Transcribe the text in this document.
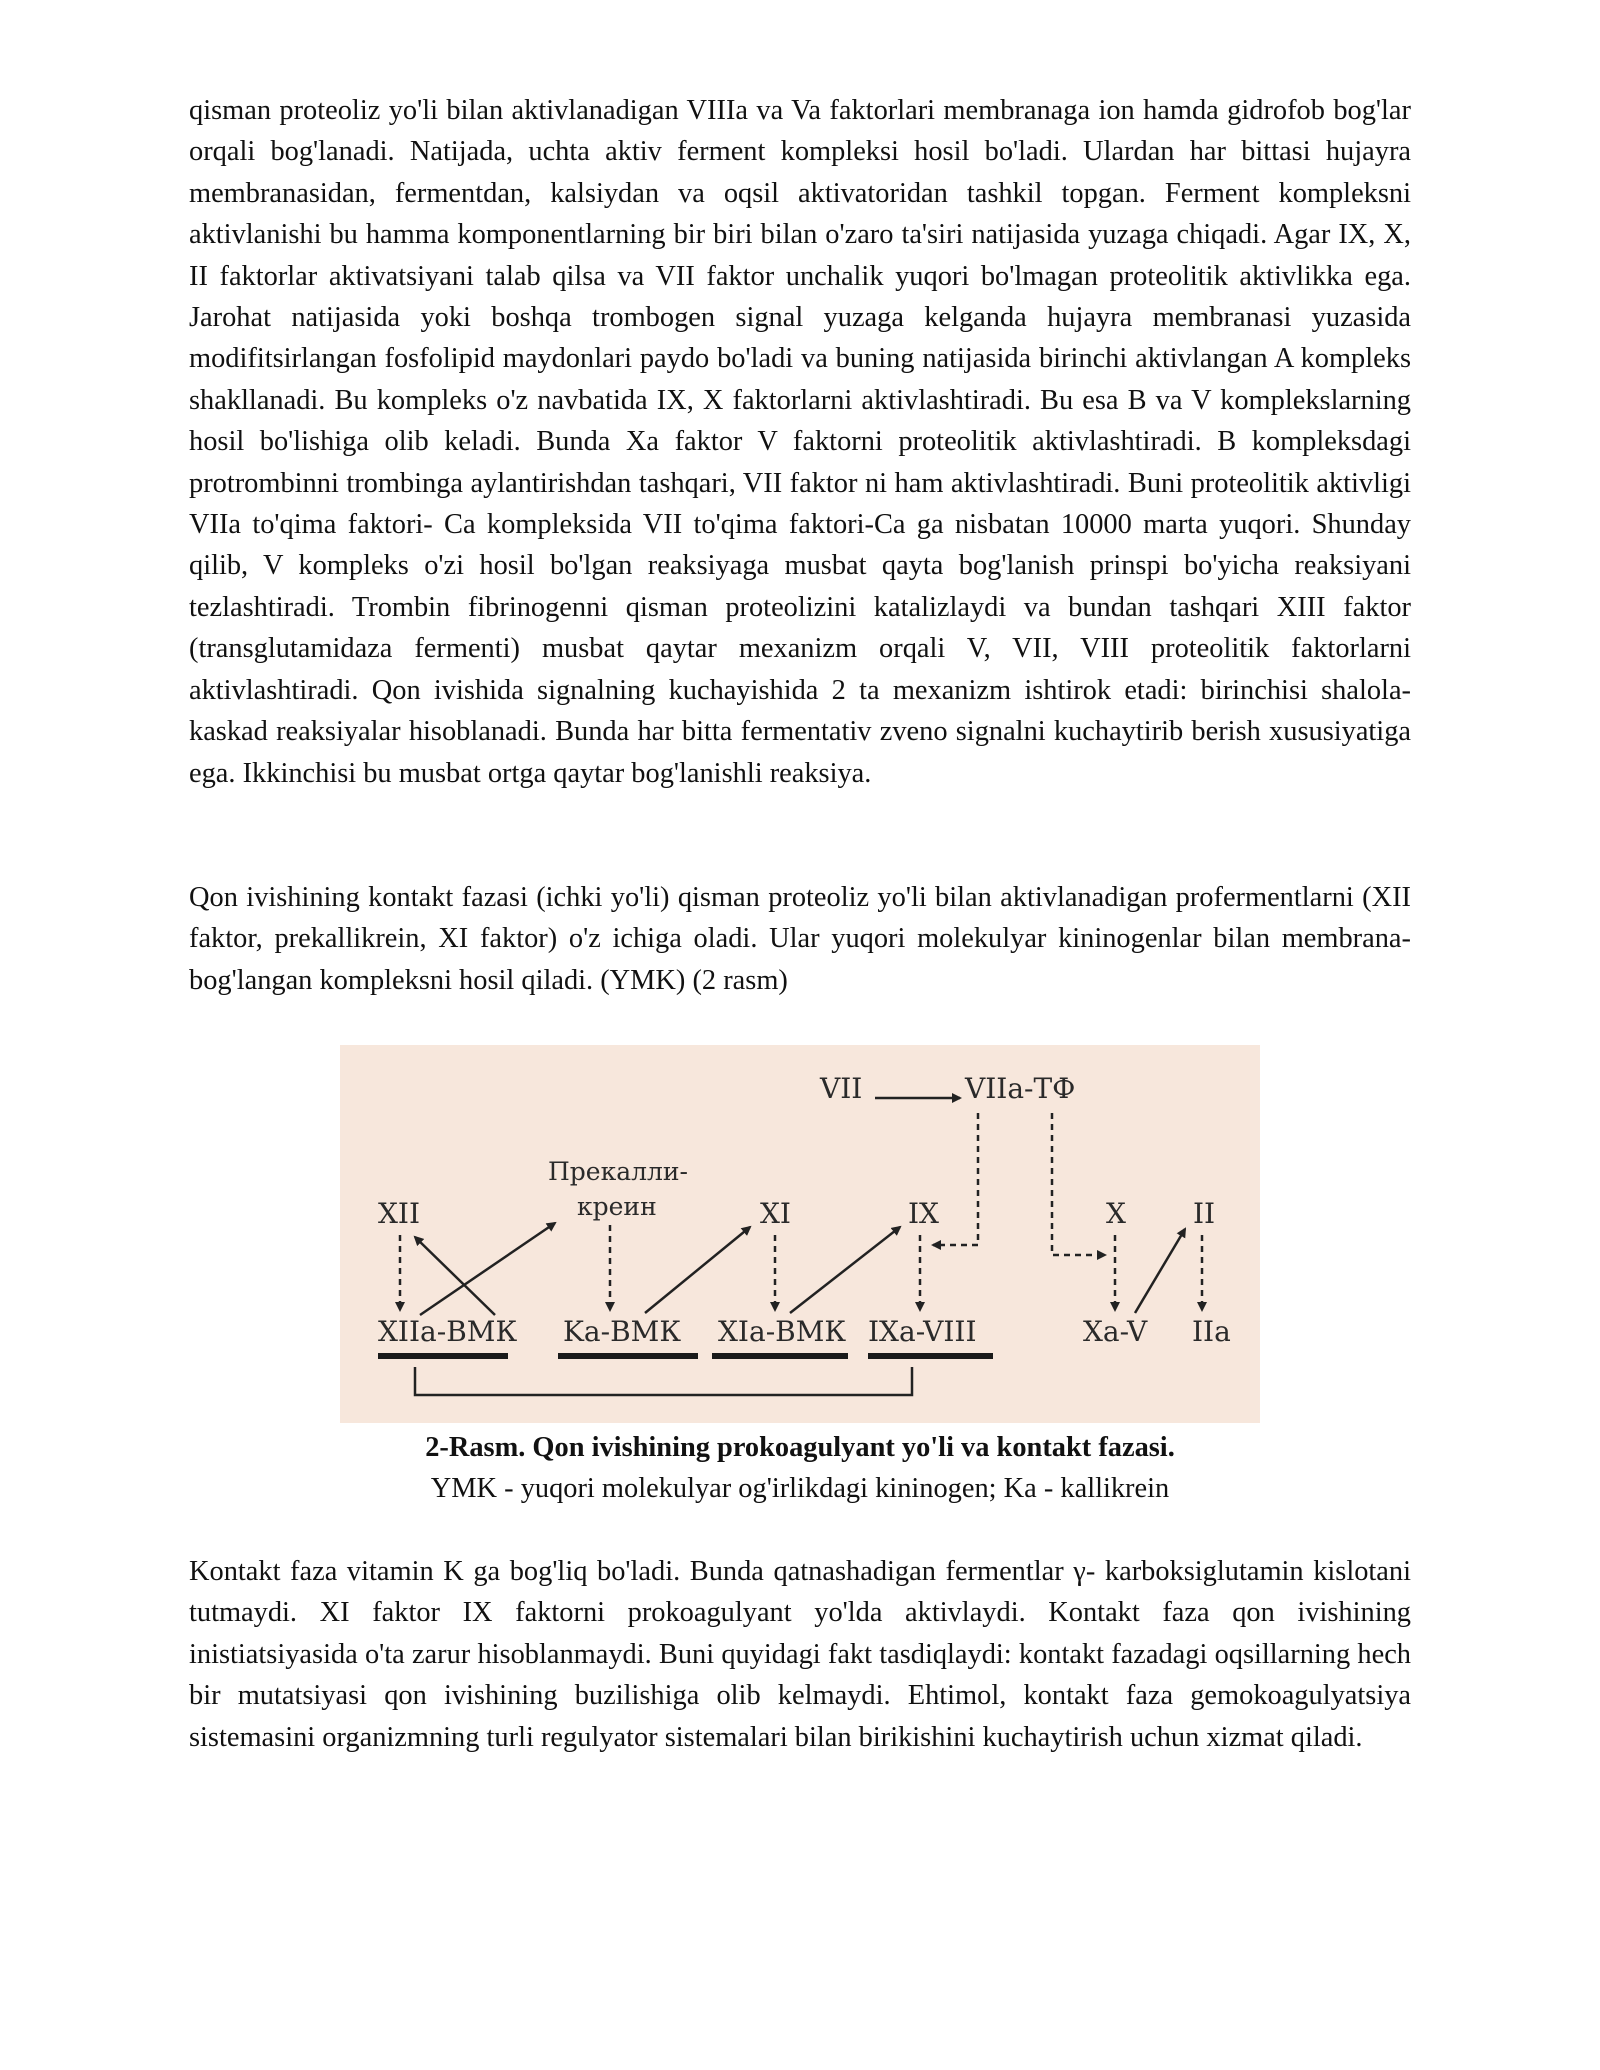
qisman proteoliz yo'li bilan aktivlanadigan VIIIa va Va faktorlari membranaga ion hamda gidrofob bog'lar orqali bog'lanadi. Natijada, uchta aktiv ferment kompleksi hosil bo'ladi. Ulardan har bittasi hujayra membranasidan, fermentdan, kalsiydan va oqsil aktivatoridan tashkil topgan. Ferment kompleksni aktivlanishi bu hamma komponentlarning bir biri bilan o'zaro ta'siri natijasida yuzaga chiqadi. Agar IX, X, II faktorlar aktivatsiyani talab qilsa va VII faktor unchalik yuqori bo'lmagan proteolitik aktivlikka ega. Jarohat natijasida yoki boshqa trombogen signal yuzaga kelganda hujayra membranasi yuzasida modifitsirlangan fosfolipid maydonlari paydo bo'ladi va buning natijasida birinchi aktivlangan A kompleks shakllanadi. Bu kompleks o'z navbatida IX, X faktorlarni aktivlashtiradi. Bu esa B va V komplekslarning hosil bo'lishiga olib keladi. Bunda Xa faktor V faktorni proteolitik aktivlashtiradi. B kompleksdagi protrombinni trombinga aylantirishdan tashqari, VII faktor ni ham aktivlashtiradi. Buni proteolitik aktivligi VIIa to'qima faktori- Ca kompleksida VII to'qima faktori-Ca ga nisbatan 10000 marta yuqori. Shunday qilib, V kompleks o'zi hosil bo'lgan reaksiyaga musbat qayta bog'lanish prinspi bo'yicha reaksiyani tezlashtiradi. Trombin fibrinogenni qisman proteolizini katalizlaydi va bundan tashqari XIII faktor (transglutamidaza fermenti) musbat qaytar mexanizm orqali V, VII, VIII proteolitik faktorlarni aktivlashtiradi. Qon ivishida signalning kuchayishida 2 ta mexanizm ishtirok etadi: birinchisi shalola-kaskad reaksiyalar hisoblanadi. Bunda har bitta fermentativ zveno signalni kuchaytirib berish xususiyatiga ega. Ikkinchisi bu musbat ortga qaytar bog'lanishli reaksiya.

Qon ivishining kontakt fazasi (ichki yo'li) qisman proteoliz yo'li bilan aktivlanadigan profermentlarni (XII faktor, prekallikrein, XI faktor) o'z ichiga oladi. Ular yuqori molekulyar kininogenlar bilan membrana-bog'langan kompleksni hosil qiladi. (YMK) (2 rasm)

VII	VIIa-ТФ
XII
Прекалли-
креин	XI	IX	X II
XIIa-ВМК Ka-ВМК XIa-ВМК IXa-VIII	Xa-V IIa

2-Rasm. Qon ivishining prokoagulyant yo'li va kontakt fazasi.

YMK - yuqori molekulyar og'irlikdagi kininogen; Ka - kallikrein

Kontakt faza vitamin K ga bog'liq bo'ladi. Bunda qatnashadigan fermentlar γ- karboksiglutamin kislotani tutmaydi. XI faktor IX faktorni prokoagulyant yo'lda aktivlaydi. Kontakt faza qon ivishining inistiatsiyasida o'ta zarur hisoblanmaydi. Buni quyidagi fakt tasdiqlaydi: kontakt fazadagi oqsillarning hech bir mutatsiyasi qon ivishining buzilishiga olib kelmaydi. Ehtimol, kontakt faza gemokoagulyatsiya sistemasini organizmning turli regulyator sistemalari bilan birikishini kuchaytirish uchun xizmat qiladi.
